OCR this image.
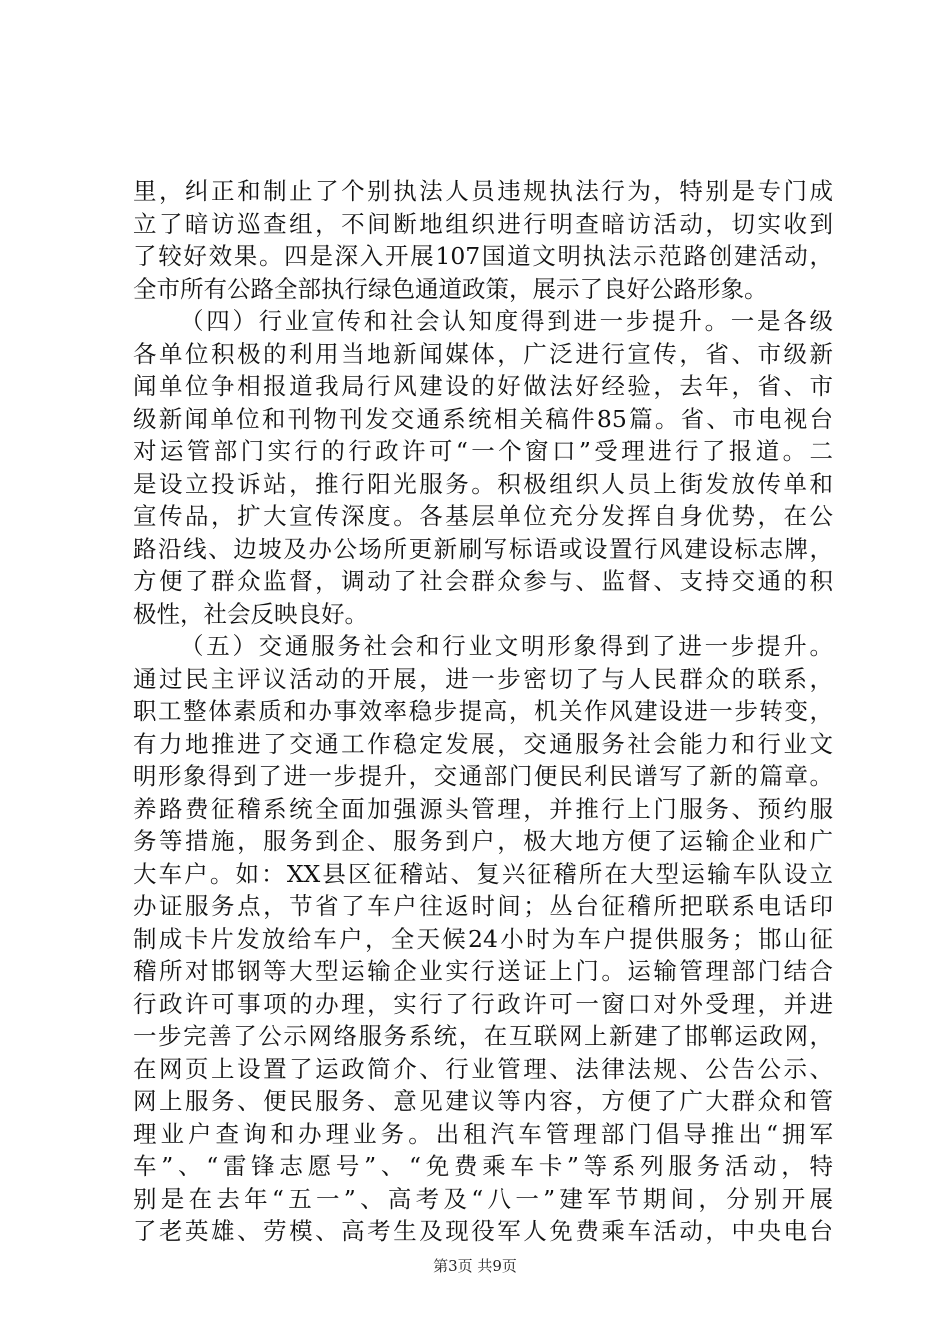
里，纠正和制止了个别执法人员违规执法行为，特别是专门成
立了暗访巡查组，不间断地组织进行明查暗访活动，切实收到
了较好效果。四是深入开展107国道文明执法示范路创建活动，
全市所有公路全部执行绿色通道政策，展示了良好公路形象。
（四）行业宣传和社会认知度得到进一步提升。一是各级
各单位积极的利用当地新闻媒体，广泛进行宣传，省、市级新
闻单位争相报道我局行风建设的好做法好经验，去年，省、市
级新闻单位和刊物刊发交通系统相关稿件85篇。省、市电视台
对运管部门实行的行政许可“一个窗口”受理进行了报道。二
是设立投诉站，推行阳光服务。积极组织人员上街发放传单和
宣传品，扩大宣传深度。各基层单位充分发挥自身优势，在公
路沿线、边坡及办公场所更新刷写标语或设置行风建设标志牌，
方便了群众监督，调动了社会群众参与、监督、支持交通的积
极性，社会反映良好。
（五）交通服务社会和行业文明形象得到了进一步提升。
通过民主评议活动的开展，进一步密切了与人民群众的联系，
职工整体素质和办事效率稳步提高，机关作风建设进一步转变，
有力地推进了交通工作稳定发展，交通服务社会能力和行业文
明形象得到了进一步提升，交通部门便民利民谱写了新的篇章。
养路费征稽系统全面加强源头管理，并推行上门服务、预约服
务等措施，服务到企、服务到户，极大地方便了运输企业和广
大车户。如：XX县区征稽站、复兴征稽所在大型运输车队设立
办证服务点，节省了车户往返时间；丛台征稽所把联系电话印
制成卡片发放给车户，全天候24小时为车户提供服务；邯山征
稽所对邯钢等大型运输企业实行送证上门。运输管理部门结合
行政许可事项的办理，实行了行政许可一窗口对外受理，并进
一步完善了公示网络服务系统，在互联网上新建了邯郸运政网，
在网页上设置了运政简介、行业管理、法律法规、公告公示、
网上服务、便民服务、意见建议等内容，方便了广大群众和管
理业户查询和办理业务。出租汽车管理部门倡导推出“拥军
车”、“雷锋志愿号”、“免费乘车卡”等系列服务活动，特
别是在去年“五一”、高考及“八一”建军节期间，分别开展
了老英雄、劳模、高考生及现役军人免费乘车活动，中央电台
第3页 共9页
